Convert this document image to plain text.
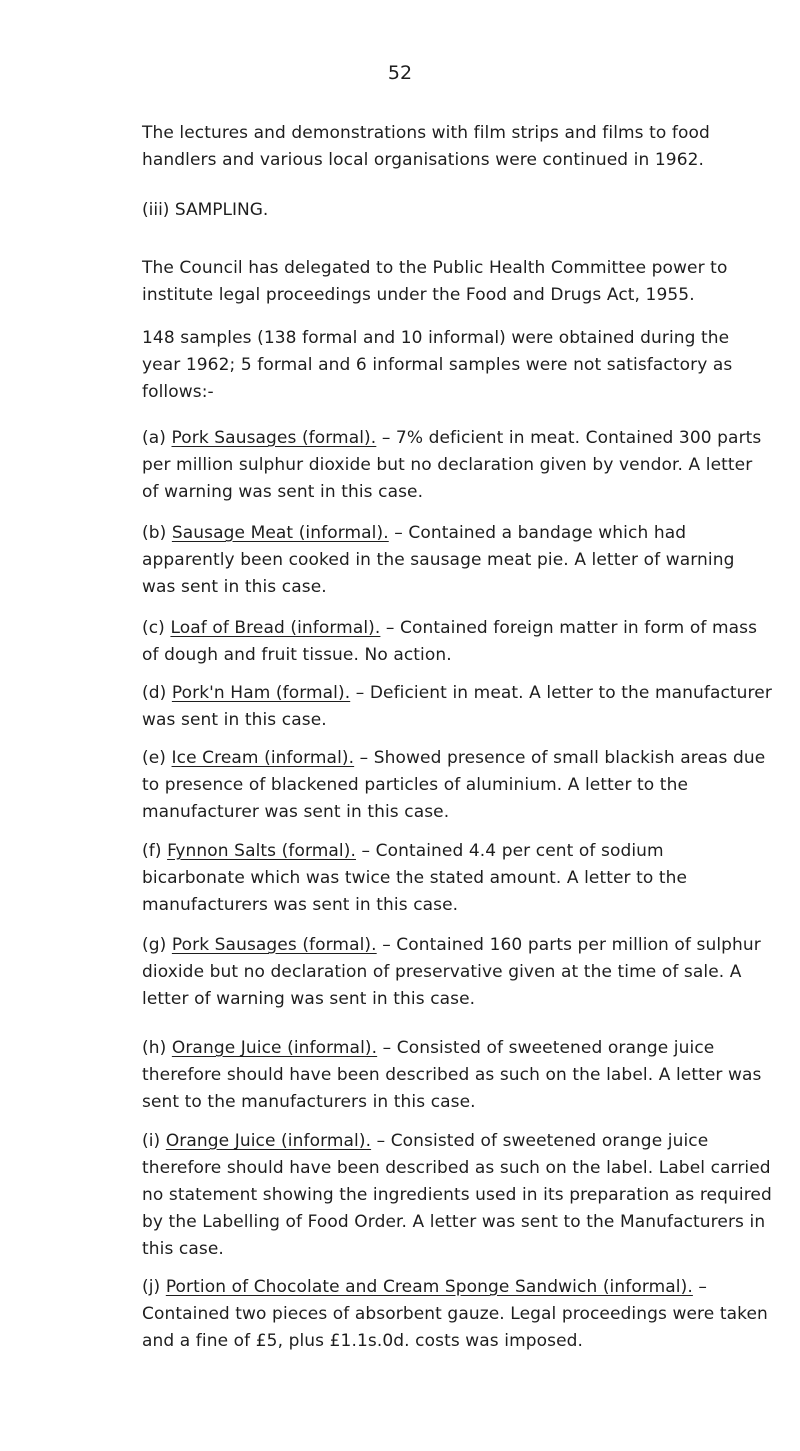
52

The lectures and demonstrations with film strips and films to food handlers and various local organisations were continued in 1962.

(iii) SAMPLING.

The Council has delegated to the Public Health Committee power to institute legal proceedings under the Food and Drugs Act, 1955.

148 samples (138 formal and 10 informal) were obtained during the year 1962; 5 formal and 6 informal samples were not satisfactory as follows:-

(a) Pork Sausages (formal). – 7% deficient in meat. Contained 300 parts per million sulphur dioxide but no declaration given by vendor. A letter of warning was sent in this case.

(b) Sausage Meat (informal). – Contained a bandage which had apparently been cooked in the sausage meat pie. A letter of warning was sent in this case.

(c) Loaf of Bread (informal). – Contained foreign matter in form of mass of dough and fruit tissue. No action.

(d) Pork'n Ham (formal). – Deficient in meat. A letter to the manufacturer was sent in this case.

(e) Ice Cream (informal). – Showed presence of small blackish areas due to presence of blackened particles of aluminium. A letter to the manufacturer was sent in this case.

(f) Fynnon Salts (formal). – Contained 4.4 per cent of sodium bicarbonate which was twice the stated amount. A letter to the manufacturers was sent in this case.

(g) Pork Sausages (formal). – Contained 160 parts per million of sulphur dioxide but no declaration of preservative given at the time of sale. A letter of warning was sent in this case.

(h) Orange Juice (informal). – Consisted of sweetened orange juice therefore should have been described as such on the label. A letter was sent to the manufacturers in this case.

(i) Orange Juice (informal). – Consisted of sweetened orange juice therefore should have been described as such on the label. Label carried no statement showing the ingredients used in its preparation as required by the Labelling of Food Order. A letter was sent to the Manufacturers in this case.

(j) Portion of Chocolate and Cream Sponge Sandwich (informal). – Contained two pieces of absorbent gauze. Legal proceedings were taken and a fine of £5, plus £1.1s.0d. costs was imposed.
